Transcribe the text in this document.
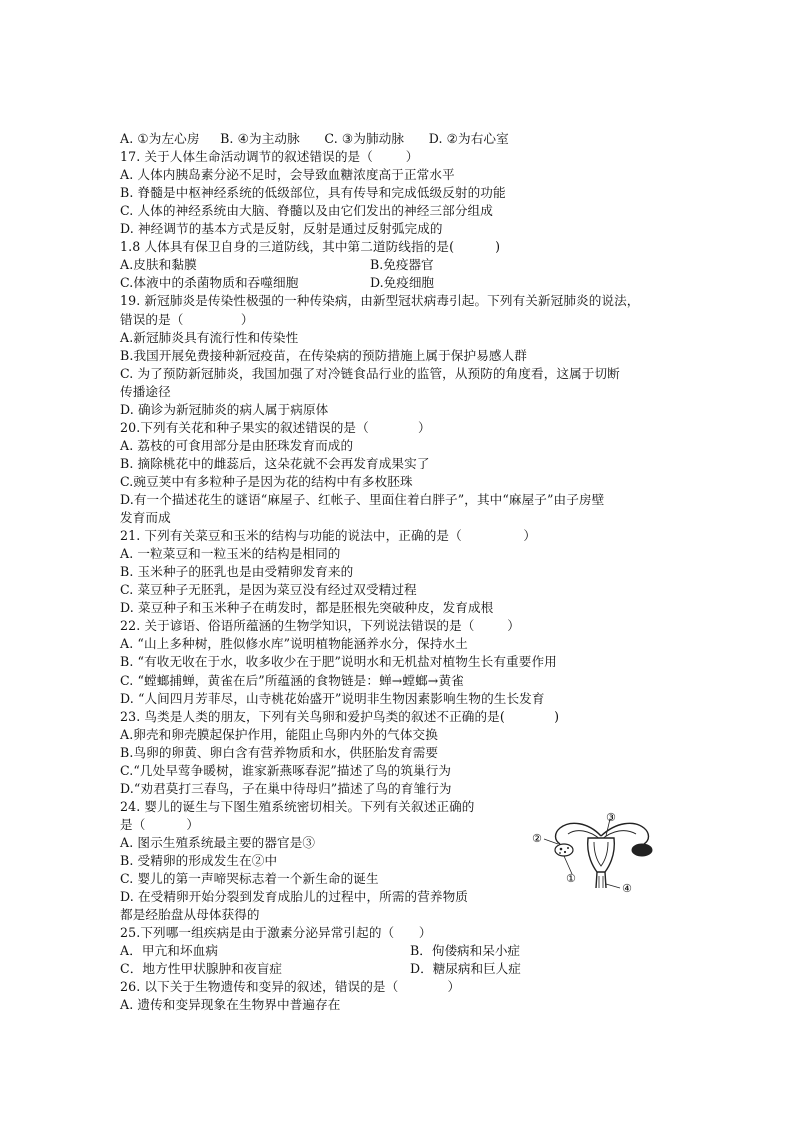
A. ①为左心房     B. ④为主动脉      C. ③为肺动脉      D. ②为右心室
17. 关于人体生命活动调节的叙述错误的是（        ）
A. 人体内胰岛素分泌不足时，会导致血糖浓度高于正常水平
B. 脊髓是中枢神经系统的低级部位，具有传导和完成低级反射的功能
C. 人体的神经系统由大脑、脊髓以及由它们发出的神经三部分组成
D. 神经调节的基本方式是反射，反射是通过反射弧完成的
1.8 人体具有保卫自身的三道防线，其中第二道防线指的是(          )
A.皮肤和黏膜	B.免疫器官
C.体液中的杀菌物质和吞噬细胞	D.免疫细胞
19. 新冠肺炎是传染性极强的一种传染病，由新型冠状病毒引起。下列有关新冠肺炎的说法，
错误的是（              ）
A.新冠肺炎具有流行性和传染性
B.我国开展免费接种新冠疫苗，在传染病的预防措施上属于保护易感人群
C. 为了预防新冠肺炎，我国加强了对冷链食品行业的监管，从预防的角度看，这属于切断
传播途径
D. 确诊为新冠肺炎的病人属于病原体
20.下列有关花和种子果实的叙述错误的是（            ）
A. 荔枝的可食用部分是由胚珠发育而成的
B. 摘除桃花中的雌蕊后，这朵花就不会再发育成果实了
C.豌豆荚中有多粒种子是因为花的结构中有多枚胚珠
D.有一个描述花生的谜语“麻屋子、红帐子、里面住着白胖子”，其中“麻屋子”由子房壁
发育而成
21. 下列有关菜豆和玉米的结构与功能的说法中，正确的是（               ）
A. 一粒菜豆和一粒玉米的结构是相同的
B. 玉米种子的胚乳也是由受精卵发育来的
C. 菜豆种子无胚乳，是因为菜豆没有经过双受精过程
D. 菜豆种子和玉米种子在萌发时，都是胚根先突破种皮，发育成根
22. 关于谚语、俗语所蕴涵的生物学知识，下列说法错误的是（        ）
A. “山上多种树，胜似修水库”说明植物能涵养水分，保持水土
B. “有收无收在于水，收多收少在于肥”说明水和无机盐对植物生长有重要作用
C. “螳螂捕蝉，黄雀在后”所蕴涵的食物链是：蝉→螳螂→黄雀
D. “人间四月芳菲尽，山寺桃花始盛开”说明非生物因素影响生物的生长发育
23. 鸟类是人类的朋友，下列有关鸟卵和爱护鸟类的叙述不正确的是(            )
A.卵壳和卵壳膜起保护作用，能阻止鸟卵内外的气体交换
B.鸟卵的卵黄、卵白含有营养物质和水，供胚胎发育需要
C.“几处早莺争暖树，谁家新燕啄春泥”描述了鸟的筑巢行为
D.“劝君莫打三春鸟，子在巢中待母归”描述了鸟的育雏行为
24. 婴儿的诞生与下图生殖系统密切相关。下列有关叙述正确的
是（          ）
A. 图示生殖系统最主要的器官是③
B. 受精卵的形成发生在②中
C. 婴儿的第一声啼哭标志着一个新生命的诞生
D. 在受精卵开始分裂到发育成胎儿的过程中，所需的营养物质
都是经胎盘从母体获得的
25.下列哪一组疾病是由于激素分泌异常引起的（      ）
A．甲亢和坏血病	B．佝偻病和呆小症
C．地方性甲状腺肿和夜盲症	D．糖尿病和巨人症
26. 以下关于生物遗传和变异的叙述，错误的是（            ）
A. 遗传和变异现象在生物界中普遍存在
③
②
①
④
